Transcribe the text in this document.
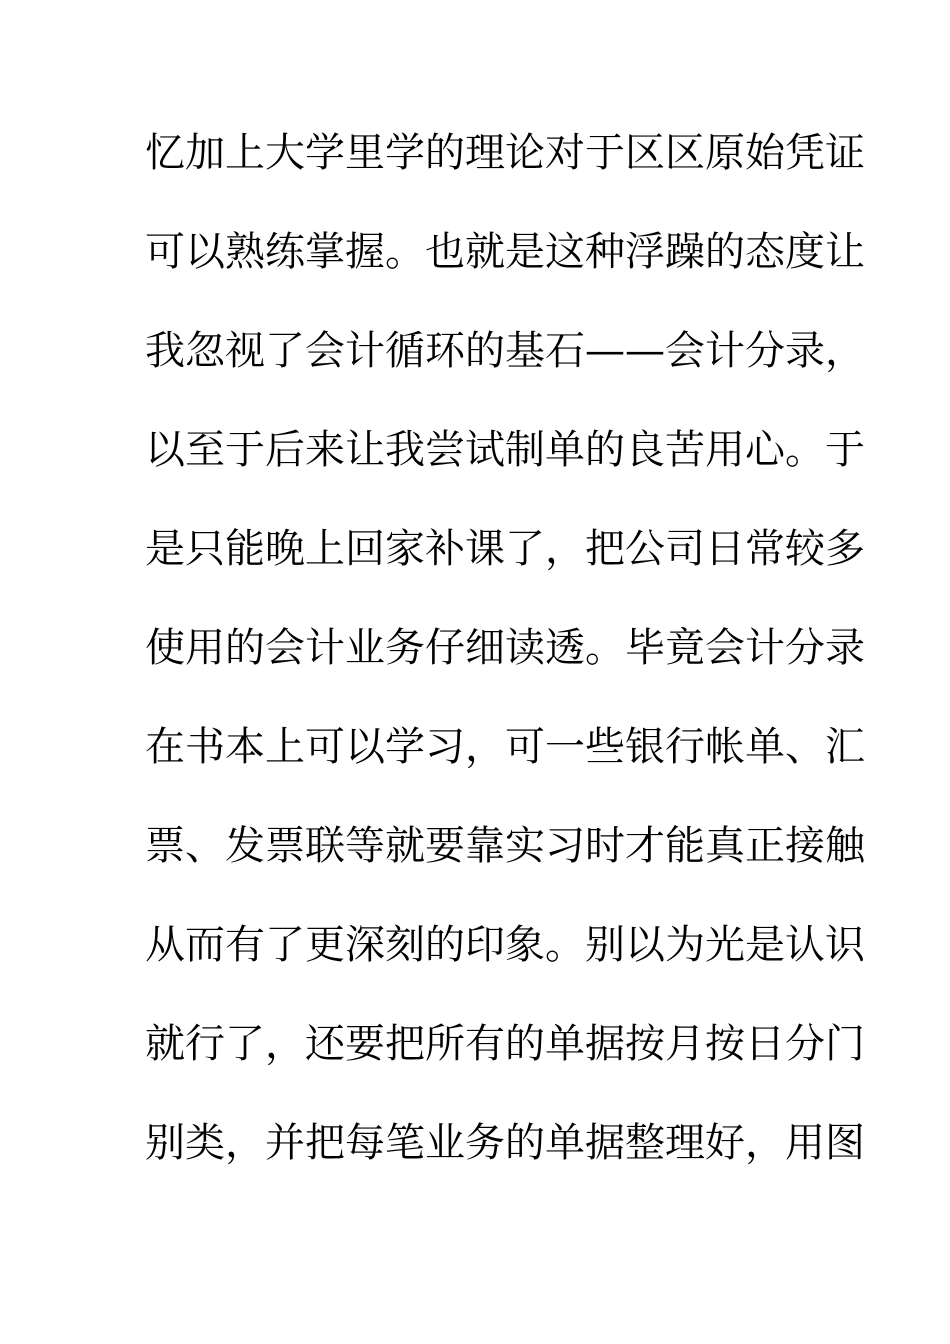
忆加上大学里学的理论对于区区原始凭证
可以熟练掌握。也就是这种浮躁的态度让
我忽视了会计循环的基石——会计分录，
以至于后来让我尝试制单的良苦用心。于
是只能晚上回家补课了，把公司日常较多
使用的会计业务仔细读透。毕竟会计分录
在书本上可以学习，可一些银行帐单、汇
票、发票联等就要靠实习时才能真正接触
从而有了更深刻的印象。别以为光是认识
就行了，还要把所有的单据按月按日分门
别类，并把每笔业务的单据整理好，用图
